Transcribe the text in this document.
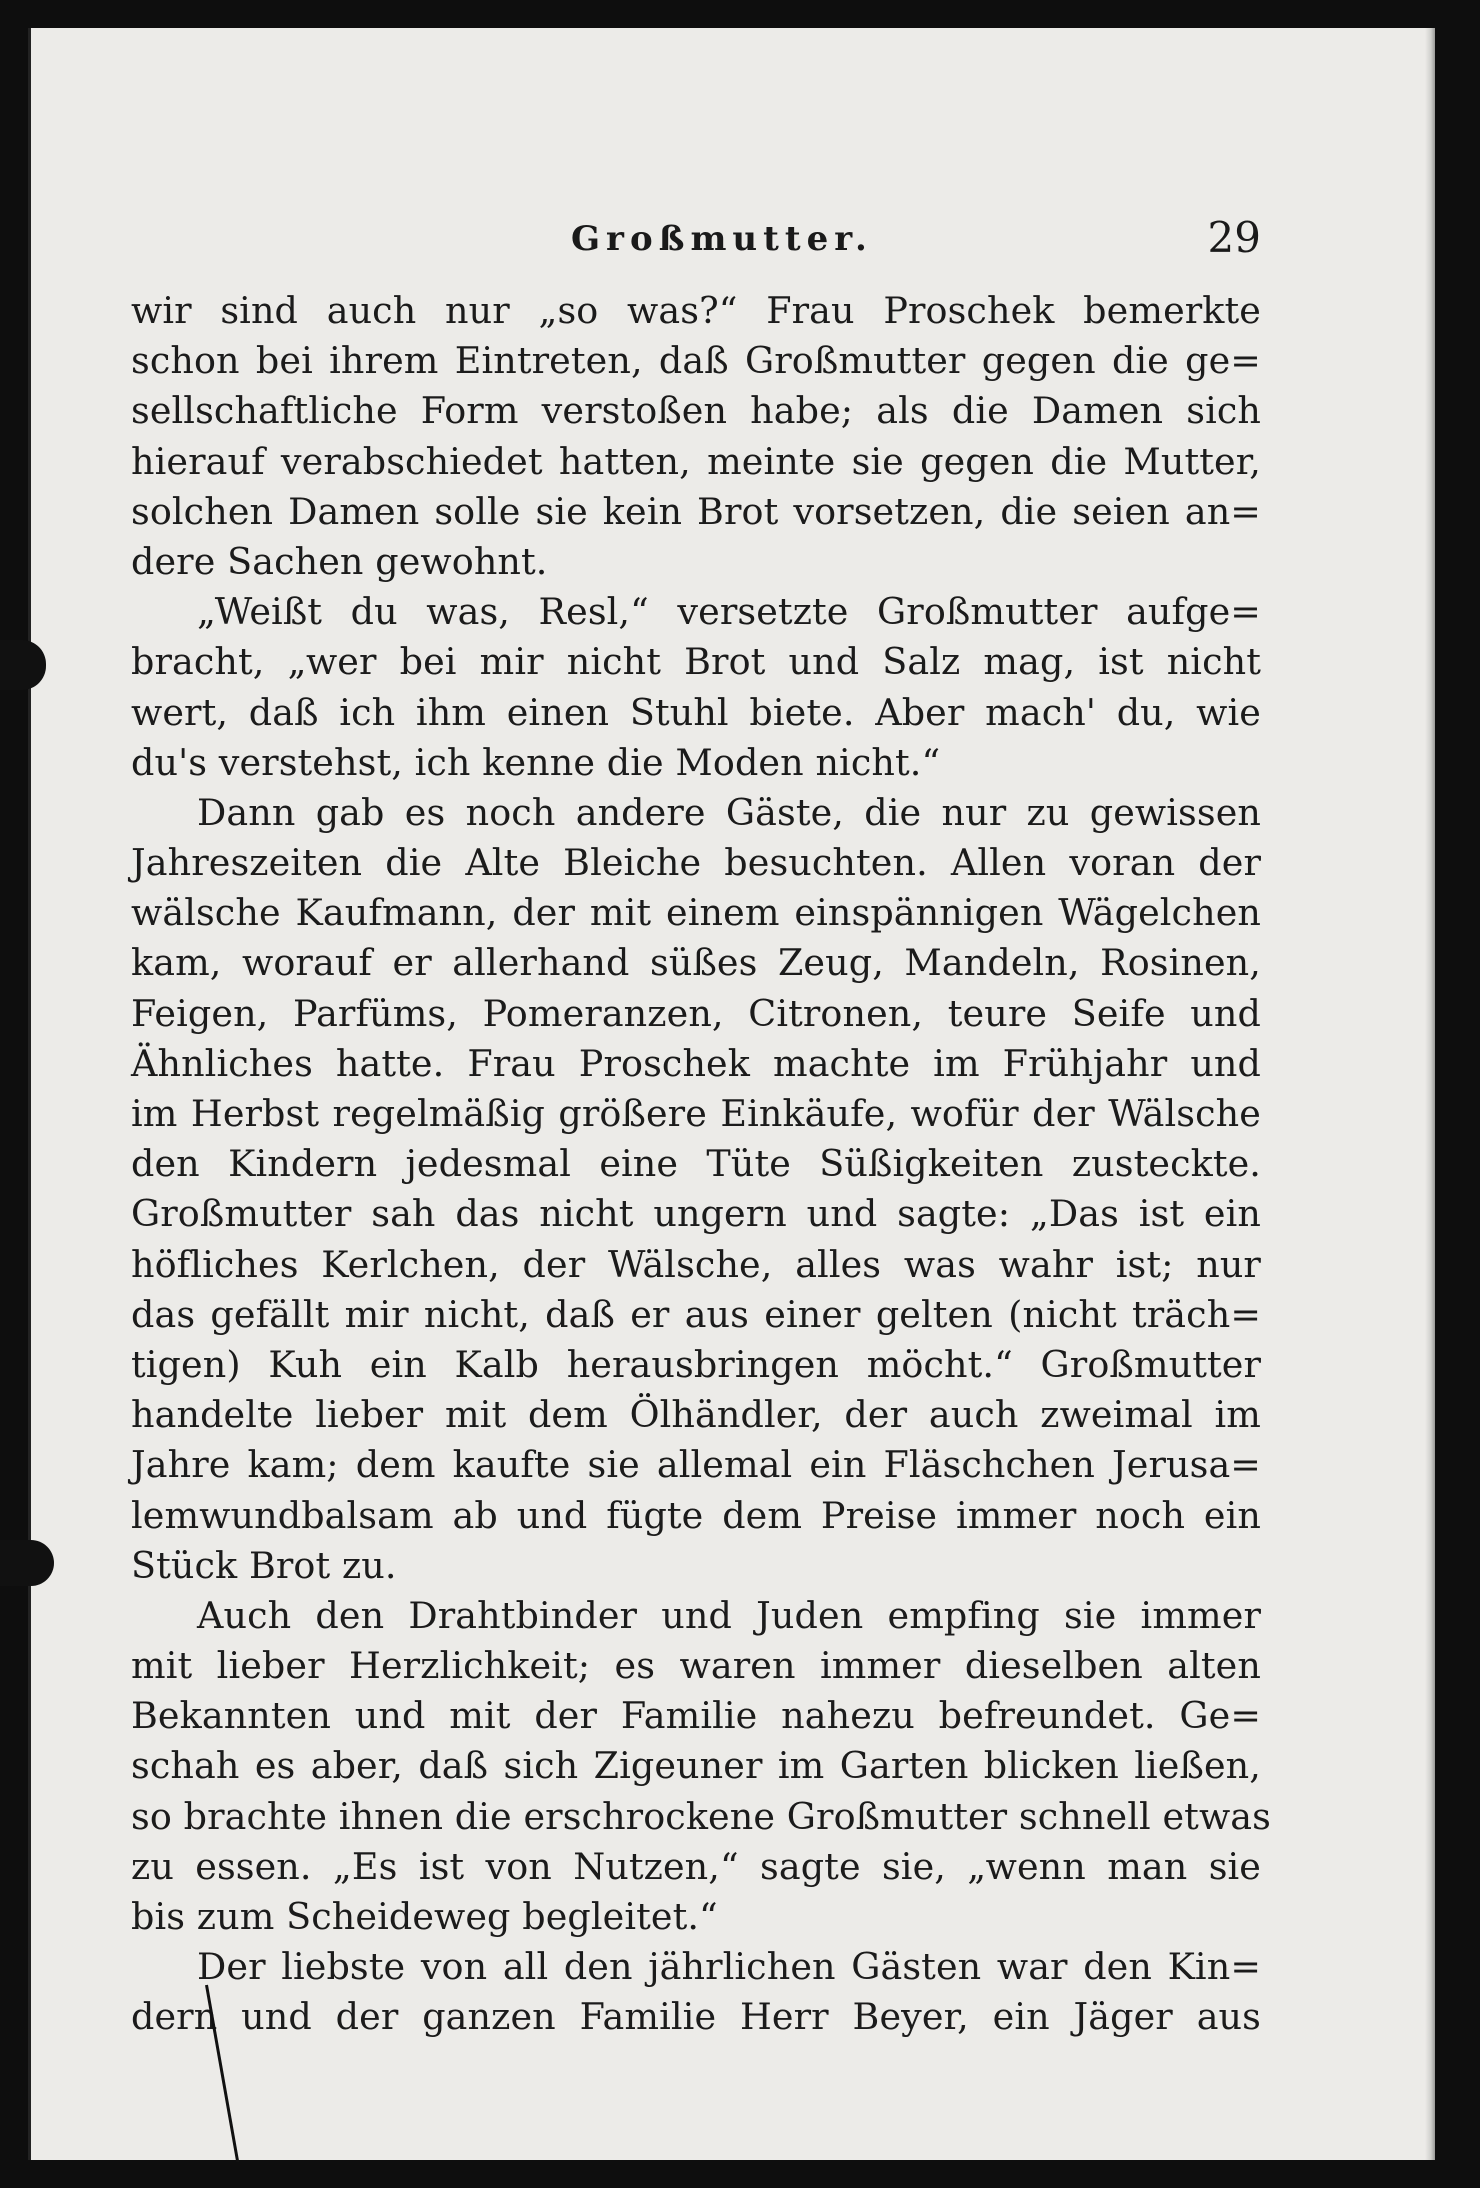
Großmutter.	29
wir sind auch nur „so was?“ Frau Proschek bemerkte
schon bei ihrem Eintreten, daß Großmutter gegen die ge=
sellschaftliche Form verstoßen habe; als die Damen sich
hierauf verabschiedet hatten, meinte sie gegen die Mutter,
solchen Damen solle sie kein Brot vorsetzen, die seien an=
dere Sachen gewohnt.
„Weißt du was, Resl,“ versetzte Großmutter aufge=
bracht, „wer bei mir nicht Brot und Salz mag, ist nicht
wert, daß ich ihm einen Stuhl biete. Aber mach' du, wie
du's verstehst, ich kenne die Moden nicht.“
Dann gab es noch andere Gäste, die nur zu gewissen
Jahreszeiten die Alte Bleiche besuchten. Allen voran der
wälsche Kaufmann, der mit einem einspännigen Wägelchen
kam, worauf er allerhand süßes Zeug, Mandeln, Rosinen,
Feigen, Parfüms, Pomeranzen, Citronen, teure Seife und
Ähnliches hatte. Frau Proschek machte im Frühjahr und
im Herbst regelmäßig größere Einkäufe, wofür der Wälsche
den Kindern jedesmal eine Tüte Süßigkeiten zusteckte.
Großmutter sah das nicht ungern und sagte: „Das ist ein
höfliches Kerlchen, der Wälsche, alles was wahr ist; nur
das gefällt mir nicht, daß er aus einer gelten (nicht träch=
tigen) Kuh ein Kalb herausbringen möcht.“ Großmutter
handelte lieber mit dem Ölhändler, der auch zweimal im
Jahre kam; dem kaufte sie allemal ein Fläschchen Jerusa=
lemwundbalsam ab und fügte dem Preise immer noch ein
Stück Brot zu.
Auch den Drahtbinder und Juden empfing sie immer
mit lieber Herzlichkeit; es waren immer dieselben alten
Bekannten und mit der Familie nahezu befreundet. Ge=
schah es aber, daß sich Zigeuner im Garten blicken ließen,
so brachte ihnen die erschrockene Großmutter schnell etwas
zu essen. „Es ist von Nutzen,“ sagte sie, „wenn man sie
bis zum Scheideweg begleitet.“
Der liebste von all den jährlichen Gästen war den Kin=
dern und der ganzen Familie Herr Beyer, ein Jäger aus
